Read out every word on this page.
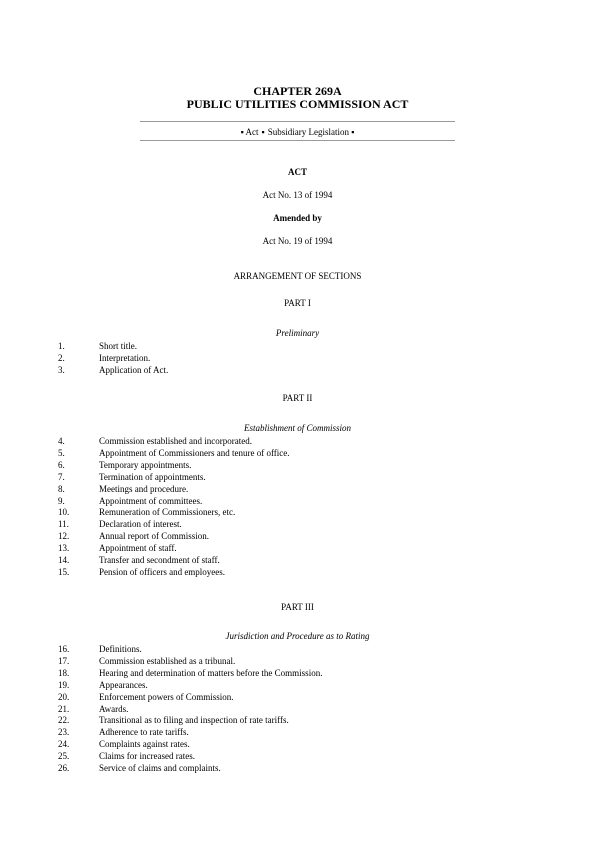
CHAPTER 269A
PUBLIC UTILITIES COMMISSION ACT
▪ Act ▪ Subsidiary Legislation ▪
ACT
Act No. 13 of 1994
Amended by
Act No. 19 of 1994
ARRANGEMENT OF SECTIONS
PART I
Preliminary
1.	Short title.
2.	Interpretation.
3.	Application of Act.
PART II
Establishment of Commission
4.	Commission established and incorporated.
5.	Appointment of Commissioners and tenure of office.
6.	Temporary appointments.
7.	Termination of appointments.
8.	Meetings and procedure.
9.	Appointment of committees.
10.	Remuneration of Commissioners, etc.
11.	Declaration of interest.
12.	Annual report of Commission.
13.	Appointment of staff.
14.	Transfer and secondment of staff.
15.	Pension of officers and employees.
PART III
Jurisdiction and Procedure as to Rating
16.	Definitions.
17.	Commission established as a tribunal.
18.	Hearing and determination of matters before the Commission.
19.	Appearances.
20.	Enforcement powers of Commission.
21.	Awards.
22.	Transitional as to filing and inspection of rate tariffs.
23.	Adherence to rate tariffs.
24.	Complaints against rates.
25.	Claims for increased rates.
26.	Service of claims and complaints.
